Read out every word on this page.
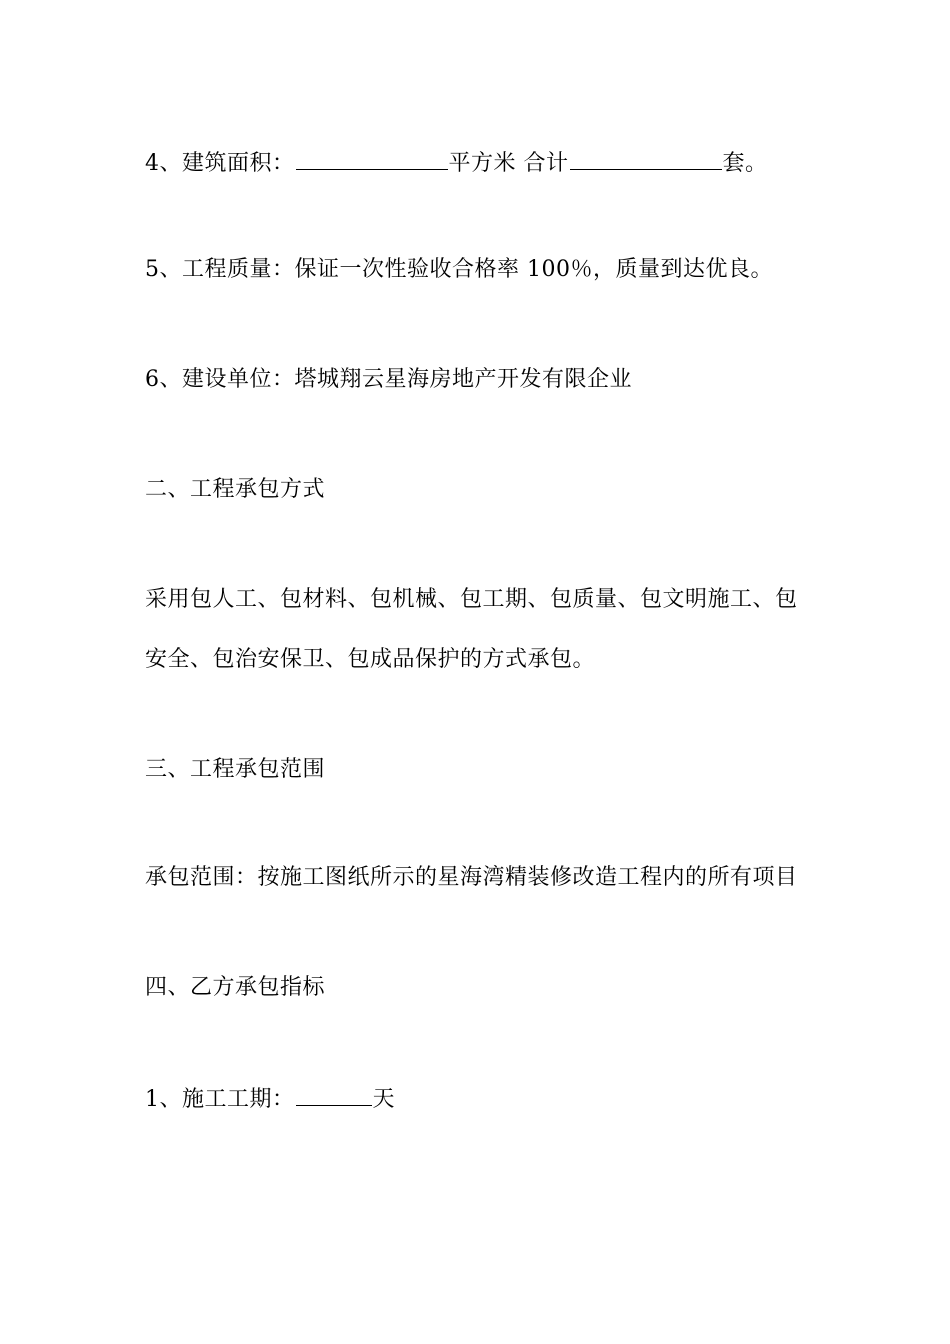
4、建筑面积：	平方米 合计	套。
5、工程质量：保证一次性验收合格率 100％，质量到达优良。
6、建设单位：塔城翔云星海房地产开发有限企业
二、工程承包方式
采用包人工、包材料、包机械、包工期、包质量、包文明施工、包
安全、包治安保卫、包成品保护的方式承包。
三、工程承包范围
承包范围：按施工图纸所示的星海湾精装修改造工程内的所有项目
四、乙方承包指标
1、施工工期：	天
